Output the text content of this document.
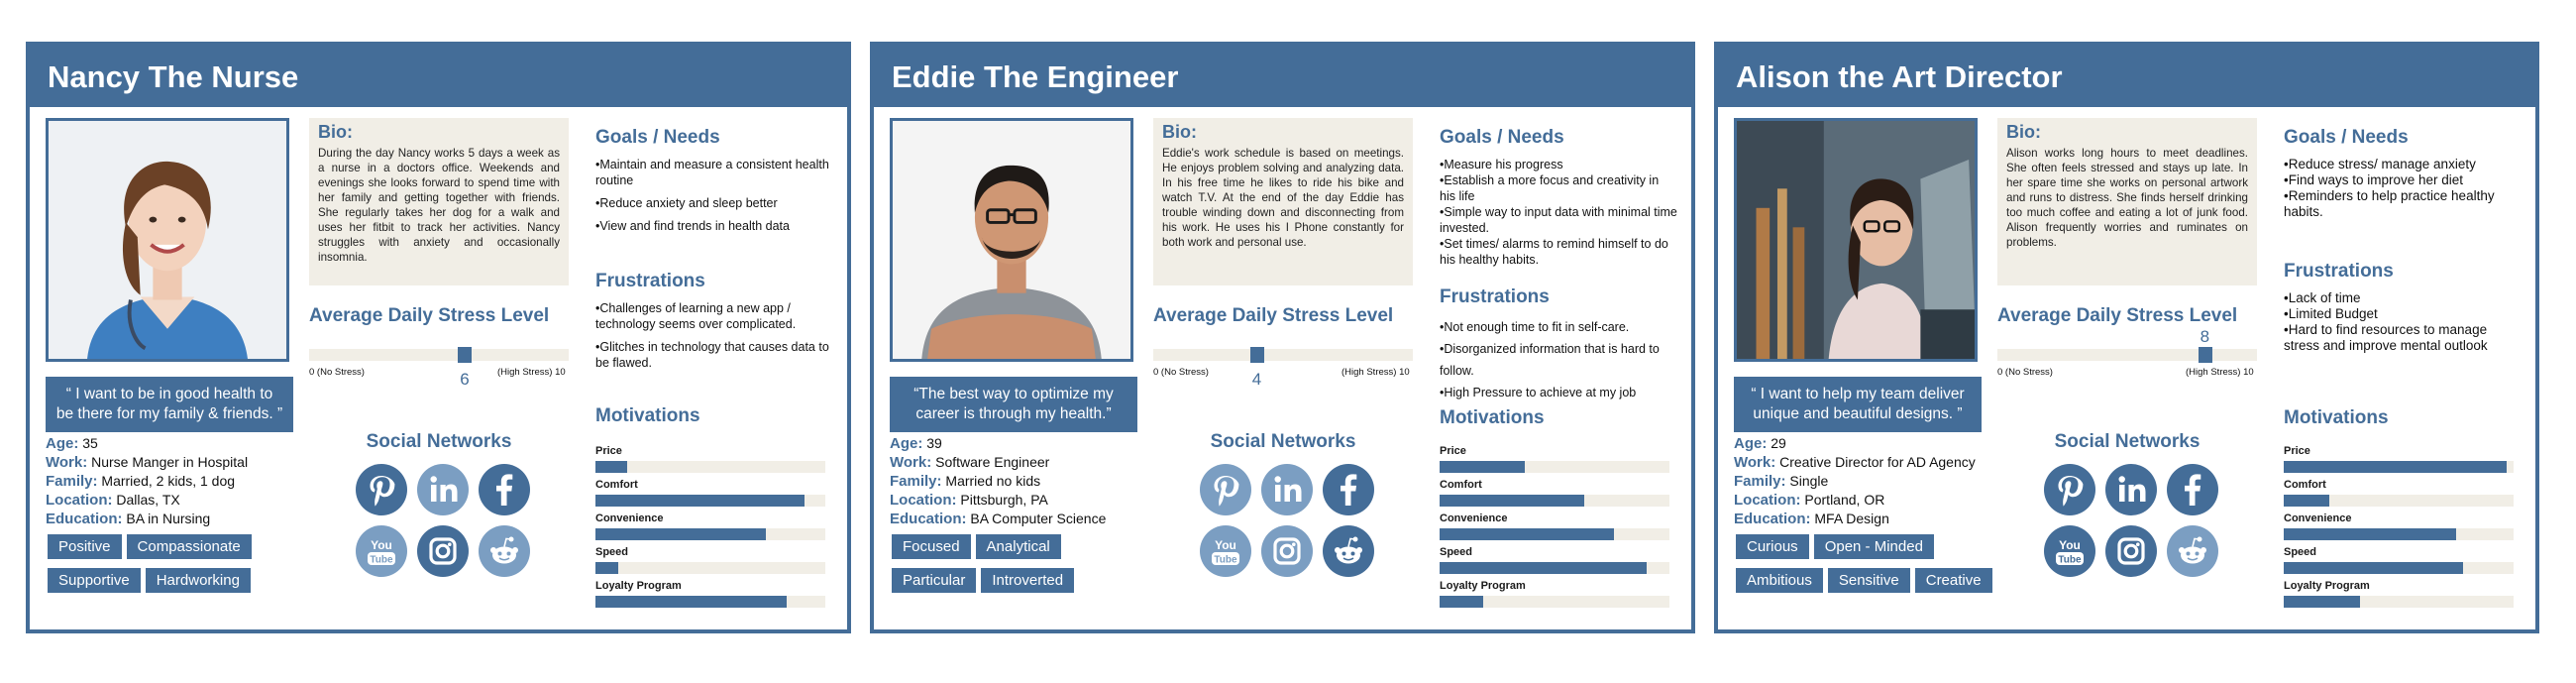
Nancy The Nurse
“ I want to be in good health to be there for my family & friends. ”
Age: 35
Work: Nurse Manger in Hospital
Family: Married, 2 kids, 1 dog
Location: Dallas, TX
Education: BA in Nursing
Positive Compassionate
Supportive Hardworking
Bio:
During the day Nancy works 5 days a week as a nurse in a doctors office. Weekends and evenings she looks forward to spend time with her family and getting together with friends. She regularly takes her dog for a walk and uses her fitbit to track her activities. Nancy struggles with anxiety and occasionally insomnia.
Average Daily Stress Level
0 (No Stress)	(High Stress) 10
6
Social Networks
You
Tube
Goals / Needs
•Maintain and measure a consistent health routine
•Reduce anxiety and sleep better
•View and find trends in health data
Frustrations
•Challenges of learning a new app / technology seems over complicated.
•Glitches in technology that causes data to be flawed.
Motivations
Price
Comfort
Convenience
Speed
Loyalty Program
Eddie The Engineer
“The best way to optimize my career is through my health.”
Age: 39
Work: Software Engineer
Family: Married no kids
Location: Pittsburgh, PA
Education: BA Computer Science
Focused Analytical
Particular Introverted
Bio:
Eddie's work schedule is based on meetings. He enjoys problem solving and analyzing data. In his free time he likes to ride his bike and watch T.V. At the end of the day Eddie has trouble winding down and disconnecting from his work. He uses his I Phone constantly for both work and personal use.
Average Daily Stress Level
0 (No Stress)	(High Stress) 10
4
Social Networks
You
Tube
Goals / Needs
•Measure his progress
•Establish a more focus and creativity in his life
•Simple way to input data with minimal time invested.
•Set times/ alarms to remind himself to do his healthy habits.
Frustrations
•Not enough time to fit in self-care.
•Disorganized information that is hard to follow.
•High Pressure to achieve at my job
Motivations
Price
Comfort
Convenience
Speed
Loyalty Program
Alison the Art Director
“ I want to help my team deliver unique and beautiful designs. ”
Age: 29
Work: Creative Director for AD Agency
Family: Single
Location: Portland, OR
Education: MFA Design
Curious Open - Minded
Ambitious Sensitive Creative
Bio:
Alison works long hours to meet deadlines. She often feels stressed and stays up late. In her spare time she works on personal artwork and runs to distress. She finds herself drinking too much coffee and eating a lot of junk food. Alison frequently worries and ruminates on problems.
Average Daily Stress Level
8
0 (No Stress)	(High Stress) 10
Social Networks
You
Tube
Goals / Needs
•Reduce stress/ manage anxiety
•Find ways to improve her diet
•Reminders to help practice healthy habits.
Frustrations
•Lack of time
•Limited Budget
•Hard to find resources to manage stress and improve mental outlook
Motivations
Price
Comfort
Convenience
Speed
Loyalty Program
